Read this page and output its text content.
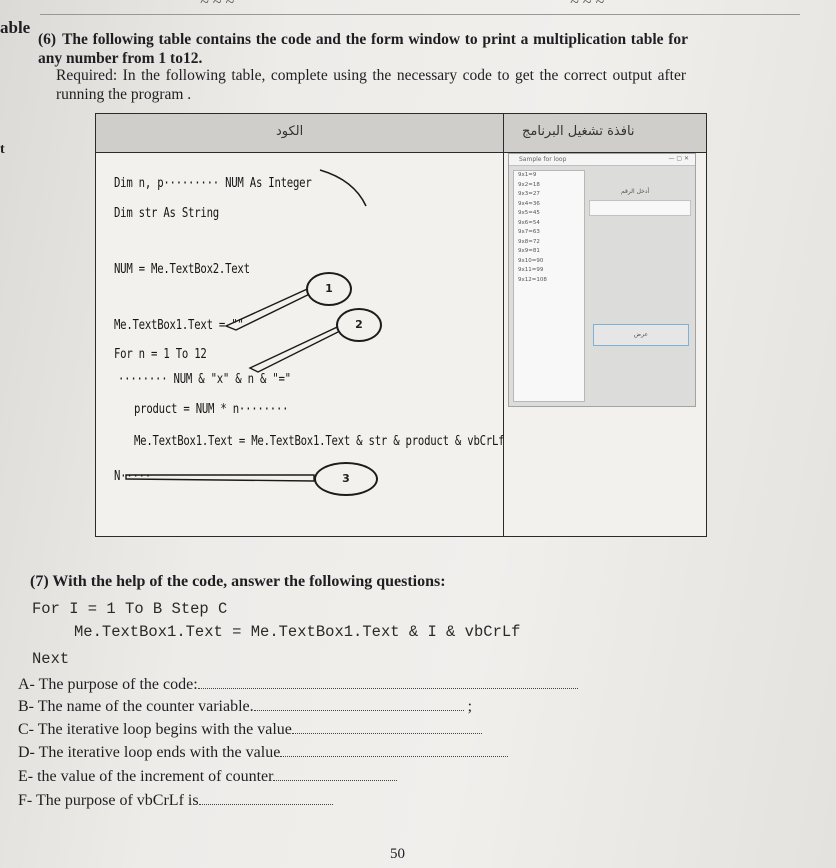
~~~	~~~
able
t
(6) The following table contains the code and the form window to print a multiplication table for any number from 1 to12.
Required: In the following table, complete using the necessary code to get the correct output after running the program .
الكود	نافذة تشغيل البرنامج
Dim n, p········· NUM As Integer
Dim str As String
NUM = Me.TextBox2.Text
Me.TextBox1.Text = ""
For n = 1 To 12
········ NUM & "x" & n & "="
product = NUM * n········
Me.TextBox1.Text = Me.TextBox1.Text & str & product & vbCrLf
N·····
1
2
3
Sample for loop	— ▢ ✕
9x1=9
9x2=18
9x3=27
9x4=36
9x5=45
9x6=54
9x7=63
9x8=72
9x9=81
9x10=90
9x11=99
9x12=108
أدخل الرقم
عرض
(7) With the help of the code, answer the following questions:
For I = 1 To B Step C
Me.TextBox1.Text = Me.TextBox1.Text & I & vbCrLf
Next
A- The purpose of the code:
B- The name of the counter variable.	;
C- The iterative loop begins with the value
D- The iterative loop ends with the value
E- the value of the increment of counter
F- The purpose of vbCrLf is
50
